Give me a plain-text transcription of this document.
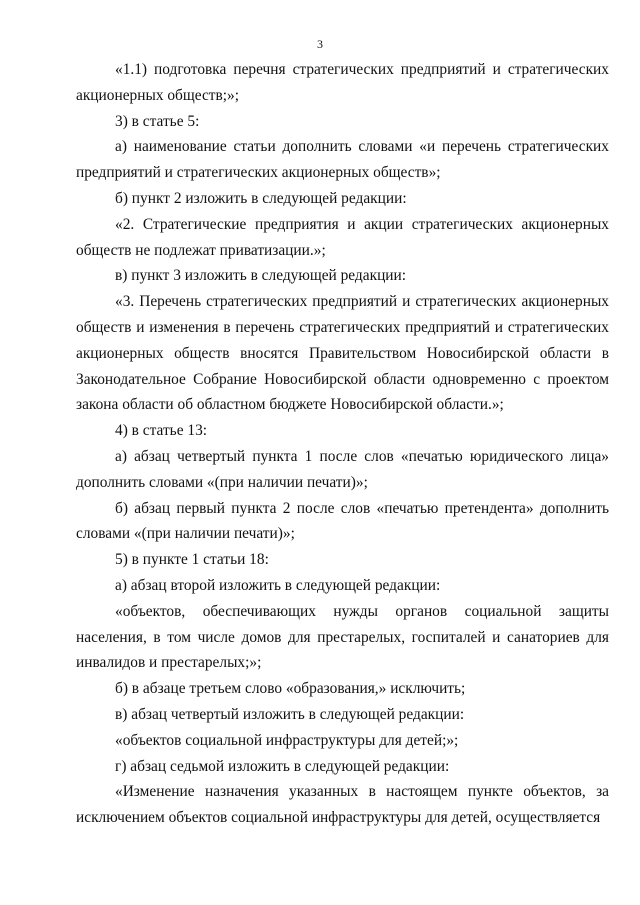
3

«1.1) подготовка перечня стратегических предприятий и стратегических акционерных обществ;»;

3) в статье 5:

а) наименование статьи дополнить словами «и перечень стратегических предприятий и стратегических акционерных обществ»;

б) пункт 2 изложить в следующей редакции:

«2. Стратегические предприятия и акции стратегических акционерных обществ не подлежат приватизации.»;

в) пункт 3 изложить в следующей редакции:

«3. Перечень стратегических предприятий и стратегических акционерных обществ и изменения в перечень стратегических предприятий и стратегических акционерных обществ вносятся Правительством Новосибирской области в Законодательное Собрание Новосибирской области одновременно с проектом закона области об областном бюджете Новосибирской области.»;

4) в статье 13:

а) абзац четвертый пункта 1 после слов «печатью юридического лица» дополнить словами «(при наличии печати)»;

б) абзац первый пункта 2 после слов «печатью претендента» дополнить словами «(при наличии печати)»;

5) в пункте 1 статьи 18:

а) абзац второй изложить в следующей редакции:

«объектов, обеспечивающих нужды органов социальной защиты населения, в том числе домов для престарелых, госпиталей и санаториев для инвалидов и престарелых;»;

б) в абзаце третьем слово «образования,» исключить;

в) абзац четвертый изложить в следующей редакции:

«объектов социальной инфраструктуры для детей;»;

г) абзац седьмой изложить в следующей редакции:

«Изменение назначения указанных в настоящем пункте объектов, за исключением объектов социальной инфраструктуры для детей, осуществляется
